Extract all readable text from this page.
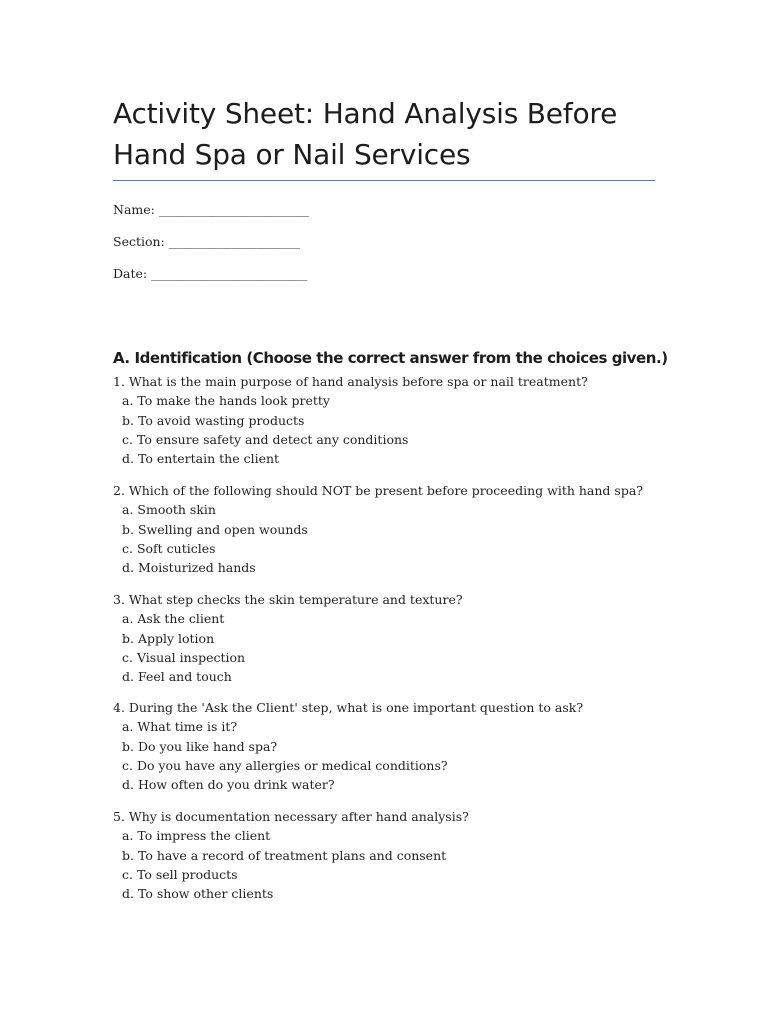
Activity Sheet: Hand Analysis Before Hand Spa or Nail Services
Name: ________________________
Section: _____________________
Date: _________________________
A. Identification (Choose the correct answer from the choices given.)
1. What is the main purpose of hand analysis before spa or nail treatment?
a. To make the hands look pretty
b. To avoid wasting products
c. To ensure safety and detect any conditions
d. To entertain the client
2. Which of the following should NOT be present before proceeding with hand spa?
a. Smooth skin
b. Swelling and open wounds
c. Soft cuticles
d. Moisturized hands
3. What step checks the skin temperature and texture?
a. Ask the client
b. Apply lotion
c. Visual inspection
d. Feel and touch
4. During the 'Ask the Client' step, what is one important question to ask?
a. What time is it?
b. Do you like hand spa?
c. Do you have any allergies or medical conditions?
d. How often do you drink water?
5. Why is documentation necessary after hand analysis?
a. To impress the client
b. To have a record of treatment plans and consent
c. To sell products
d. To show other clients
